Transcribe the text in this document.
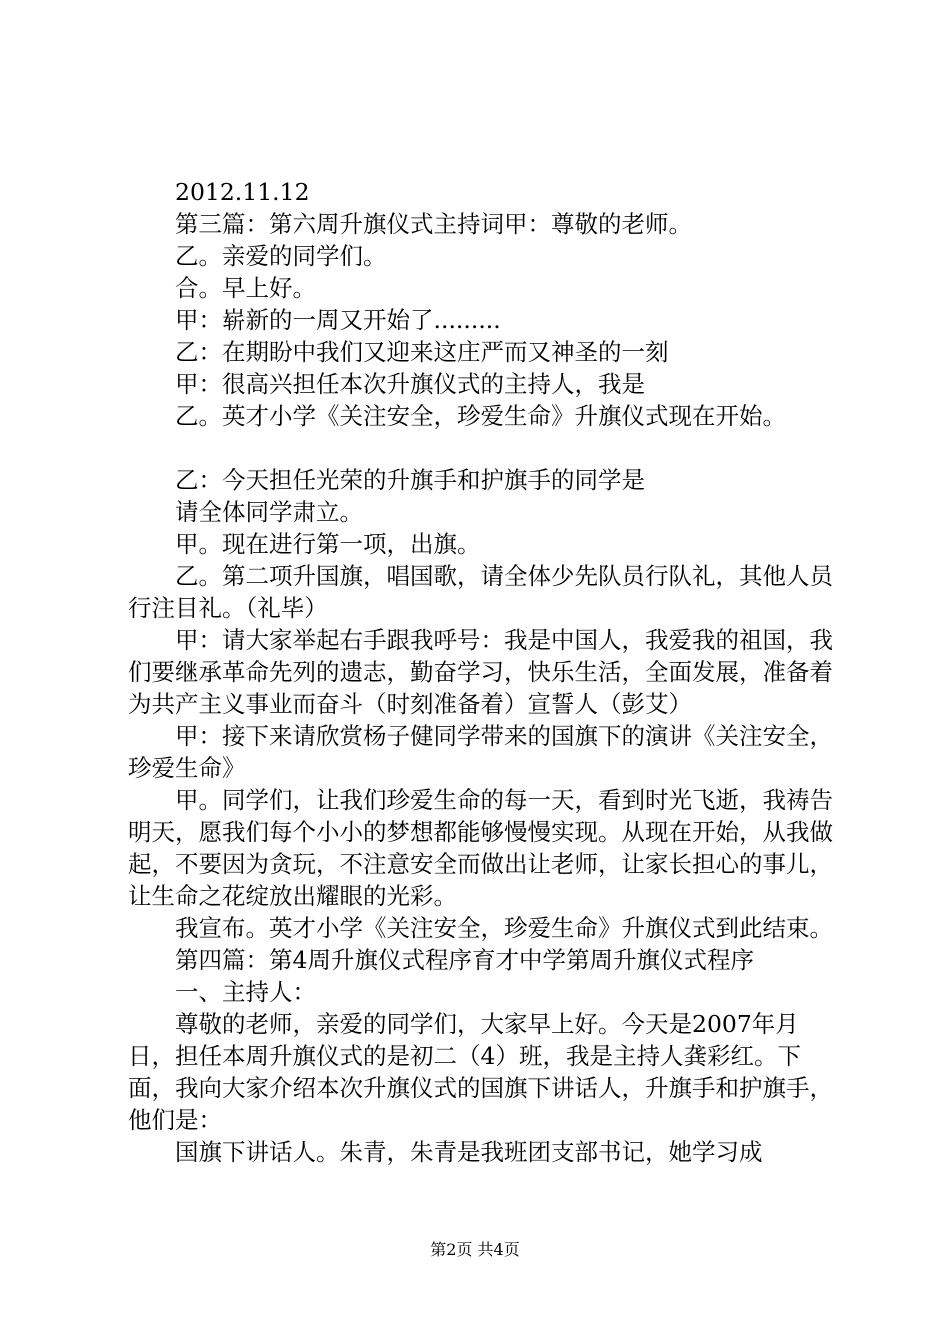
2012.11.12

第三篇：第六周升旗仪式主持词甲：尊敬的老师。

乙。亲爱的同学们。

合。早上好。

甲：崭新的一周又开始了.........

乙：在期盼中我们又迎来这庄严而又神圣的一刻

甲：很高兴担任本次升旗仪式的主持人，我是

乙。英才小学《关注安全，珍爱生命》升旗仪式现在开始。

乙：今天担任光荣的升旗手和护旗手的同学是

请全体同学肃立。

甲。现在进行第一项，出旗。

乙。第二项升国旗，唱国歌，请全体少先队员行队礼，其他人员行注目礼。（礼毕）

甲：请大家举起右手跟我呼号：我是中国人，我爱我的祖国，我们要继承革命先列的遗志，勤奋学习，快乐生活，全面发展，准备着为共产主义事业而奋斗（时刻准备着）宣誓人（彭艾）

甲：接下来请欣赏杨子健同学带来的国旗下的演讲《关注安全，珍爱生命》

甲。同学们，让我们珍爱生命的每一天，看到时光飞逝，我祷告明天，愿我们每个小小的梦想都能够慢慢实现。从现在开始，从我做起，不要因为贪玩，不注意安全而做出让老师，让家长担心的事儿，让生命之花绽放出耀眼的光彩。

我宣布。英才小学《关注安全，珍爱生命》升旗仪式到此结束。

第四篇：第4周升旗仪式程序育才中学第周升旗仪式程序

一、主持人：

尊敬的老师，亲爱的同学们，大家早上好。今天是2007年月日，担任本周升旗仪式的是初二（4）班，我是主持人龚彩红。下面，我向大家介绍本次升旗仪式的国旗下讲话人，升旗手和护旗手，他们是：

国旗下讲话人。朱青，朱青是我班团支部书记，她学习成

第2页 共4页
